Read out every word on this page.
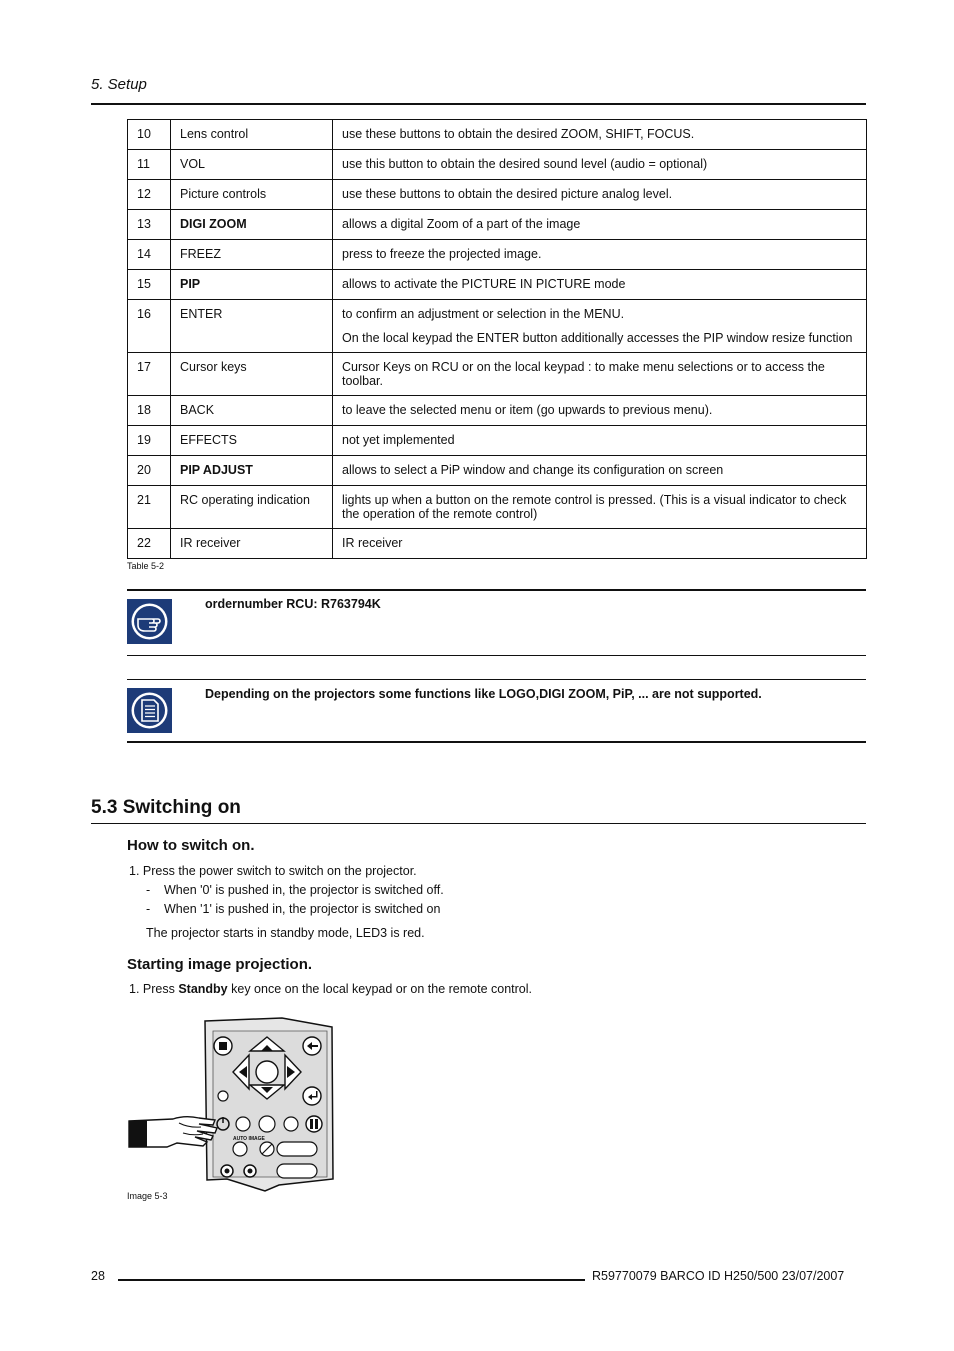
5. Setup
10	Lens control	use these buttons to obtain the desired ZOOM, SHIFT, FOCUS.

11	VOL	use this button to obtain the desired sound level (audio = optional)

12	Picture controls	use these buttons to obtain the desired picture analog level.

13	DIGI ZOOM	allows a digital Zoom of a part of the image

14	FREEZ	press to freeze the projected image.

15	PIP	allows to activate the PICTURE IN PICTURE mode

16	ENTER	to confirm an adjustment or selection in the MENU.

On the local keypad the ENTER button additionally accesses the PIP window resize function

17	Cursor keys	Cursor Keys on RCU or on the local keypad : to make menu selections or to access the toolbar.

18	BACK	to leave the selected menu or item (go upwards to previous menu).

19	EFFECTS	not yet implemented

20	PIP ADJUST	allows to select a PiP window and change its configuration on screen

21	RC operating indication	lights up when a button on the remote control is pressed. (This is a visual indicator to check the operation of the remote control)

22	IR receiver	IR receiver

Table 5-2
ordernumber RCU: R763794K
Depending on the projectors some functions like LOGO,DIGI ZOOM, PiP, ... are not supported.
5.3 Switching on
How to switch on.
1. Press the power switch to switch on the projector.
- When '0' is pushed in, the projector is switched off.
- When '1' is pushed in, the projector is switched on
The projector starts in standby mode, LED3 is red.
Starting image projection.
1. Press Standby key once on the local keypad or on the remote control.
AUTO IMAGE
Image 5-3
28	R59770079 BARCO ID H250/500 23/07/2007
